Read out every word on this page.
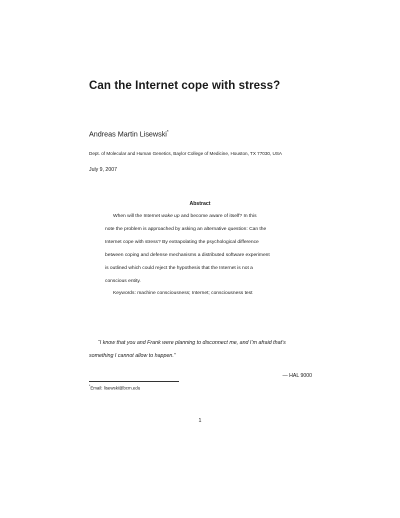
Can the Internet cope with stress?
Andreas Martin Lisewski*
Dept. of Molecular and Human Genetics, Baylor College of Medicine, Houston, TX 77030, USA
July 9, 2007
Abstract
When will the Internet wake up and become aware of itself? In this
note the problem is approached by asking an alternative question: Can the
Internet cope with stress? By extrapolating the psychological difference
between coping and defense mechanisms a distributed software experiment
is outlined which could reject the hypothesis that the Internet is not a
conscious entity.
Keywords: machine consciousness; Internet; consciousness test
“I know that you and Frank were planning to disconnect me, and I’m afraid that’s
something I cannot allow to happen.”
— HAL 9000
*Email: lisewski@bcm.edu
1
